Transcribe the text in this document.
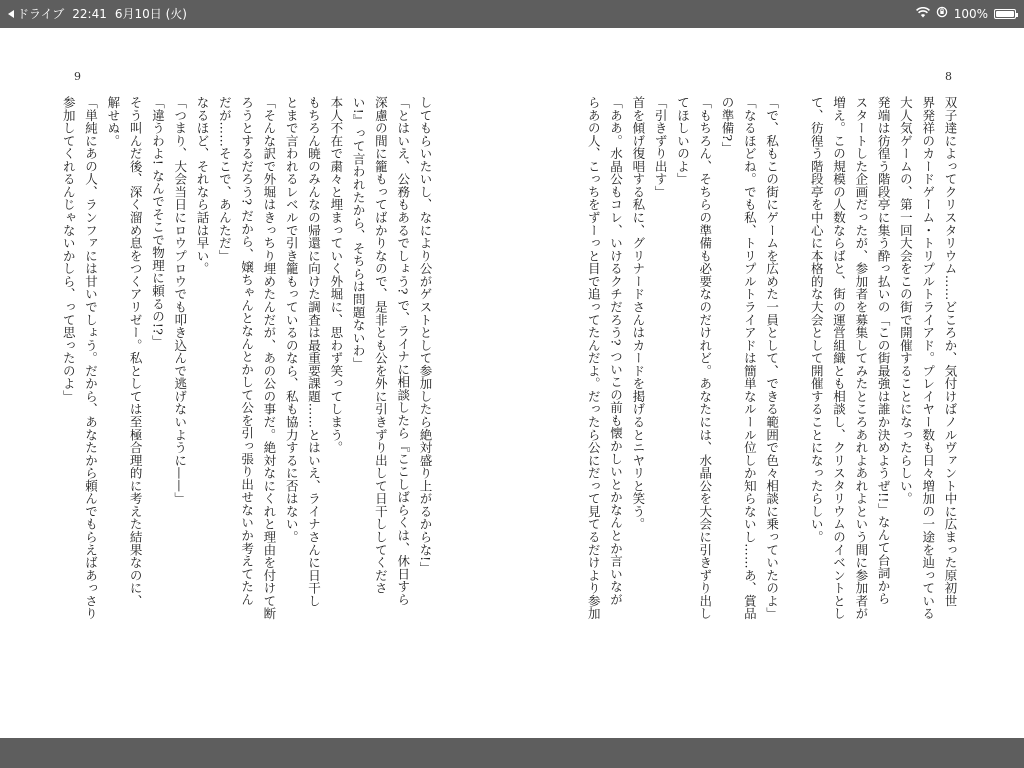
ドライブ 22:41 6月10日 (火)	100%
8

双子達によってクリスタリウム……どころか、気付けばノルヴァント中に広まった原初世

界発祥のカードゲーム・トリプルトライアド。プレイヤー数も日々増加の一途を辿っている

大人気ゲームの、第一回大会をこの街で開催することになったらしい。

発端は彷徨う階段亭に集う酔っ払いの「この街最強は誰か決めようぜ!!」なんて台詞から

スタートした企画だったが、参加者を募集してみたところあれよあれよという間に参加者が

増え。この規模の人数ならばと、街の運営組織とも相談し、クリスタリウムのイベントとし

て、彷徨う階段亭を中心に本格的な大会として開催することになったらしい。

「で、私もこの街にゲームを広めた一員として、できる範囲で色々相談に乗っていたのよ」

「なるほどね。でも私、トリプルトライアドは簡単なルール位しか知らないし……あ、賞品

の準備?」

「もちろん、そちらの準備も必要なのだけれど。あなたには、水晶公を大会に引きずり出し

てほしいのよ」

「引きずり出す」

首を傾げ復唱する私に、グリナードさんはカードを掲げるとニヤリと笑う。

「ああ。水晶公もコレ、いけるクチだろう? ついこの前も懐かしいとかなんとか言いなが

らあの人、こっちをずーっと目で追ってたんだよ。だったら公にだって見てるだけより参加

9

してもらいたいし、なにより公がゲストとして参加したら絶対盛り上がるからな!」

「とはいえ、公務もあるでしょう? で、ライナに相談したら『ここしばらくは、休日すら

深慮の間に籠もってばかりなので、是非とも公を外に引きずり出して日干ししてくださ

い!』って言われたから、そちらは問題ないわ」

本人不在で粛々と埋まっていく外堀に、思わず笑ってしまう。

もちろん暁のみんなの帰還に向けた調査は最重要課題……とはいえ、ライナさんに日干し

とまで言われるレベルで引き籠もっているのなら、私も協力するに否はない。

「そんな訳で外堀はきっちり埋めたんだが、あの公の事だ。絶対なにくれと理由を付けて断

ろうとするだろう? だから、嬢ちゃんとなんとかして公を引っ張り出せないか考えてたん

だが……そこで、あんただ」

なるほど、それなら話は早い。

「つまり、大会当日にロウプロウでも叩き込んで逃げないように——」

「違うわよ! なんでそこで物理に頼るの!?」

そう叫んだ後、深く溜め息をつくアリゼー。私としては至極合理的に考えた結果なのに、

解せぬ。

「単純にあの人、ランファには甘いでしょう。だから、あなたから頼んでもらえばあっさり

参加してくれるんじゃないかしら、って思ったのよ」
